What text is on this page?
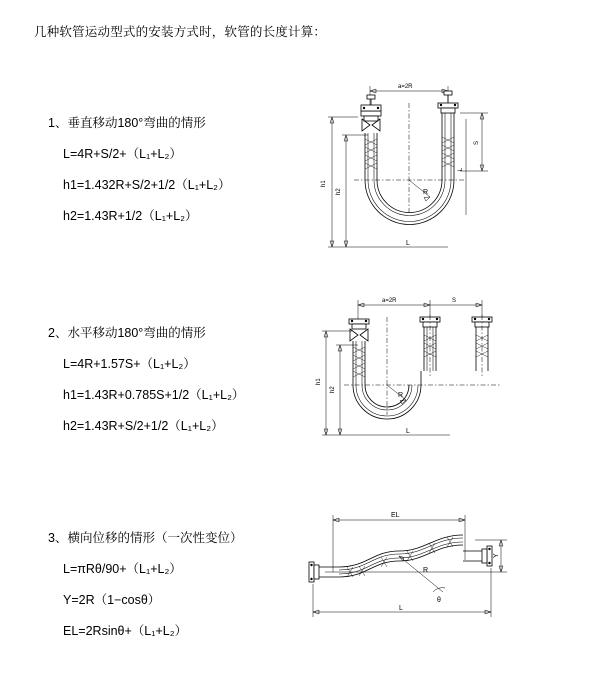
几种软管运动型式的安装方式时，软管的长度计算：
1、垂直移动180°弯曲的情形
L=4R+S/2+（L₁+L₂）
h1=1.432R+S/2+1/2（L₁+L₂）
h2=1.43R+1/2（L₁+L₂）
a=2R
h1
h2
S
R
L
L
2、水平移动180°弯曲的情形
L=4R+1.57S+（L₁+L₂）
h1=1.43R+0.785S+1/2（L₁+L₂）
h2=1.43R+S/2+1/2（L₁+L₂）
a=2R	S
h1
h2
R
L
3、横向位移的情形（一次性变位）
L=πRθ/90+（L₁+L₂）
Y=2R（1−cosθ）
EL=2Rsinθ+（L₁+L₂）
EL
Y
R
θ
L
